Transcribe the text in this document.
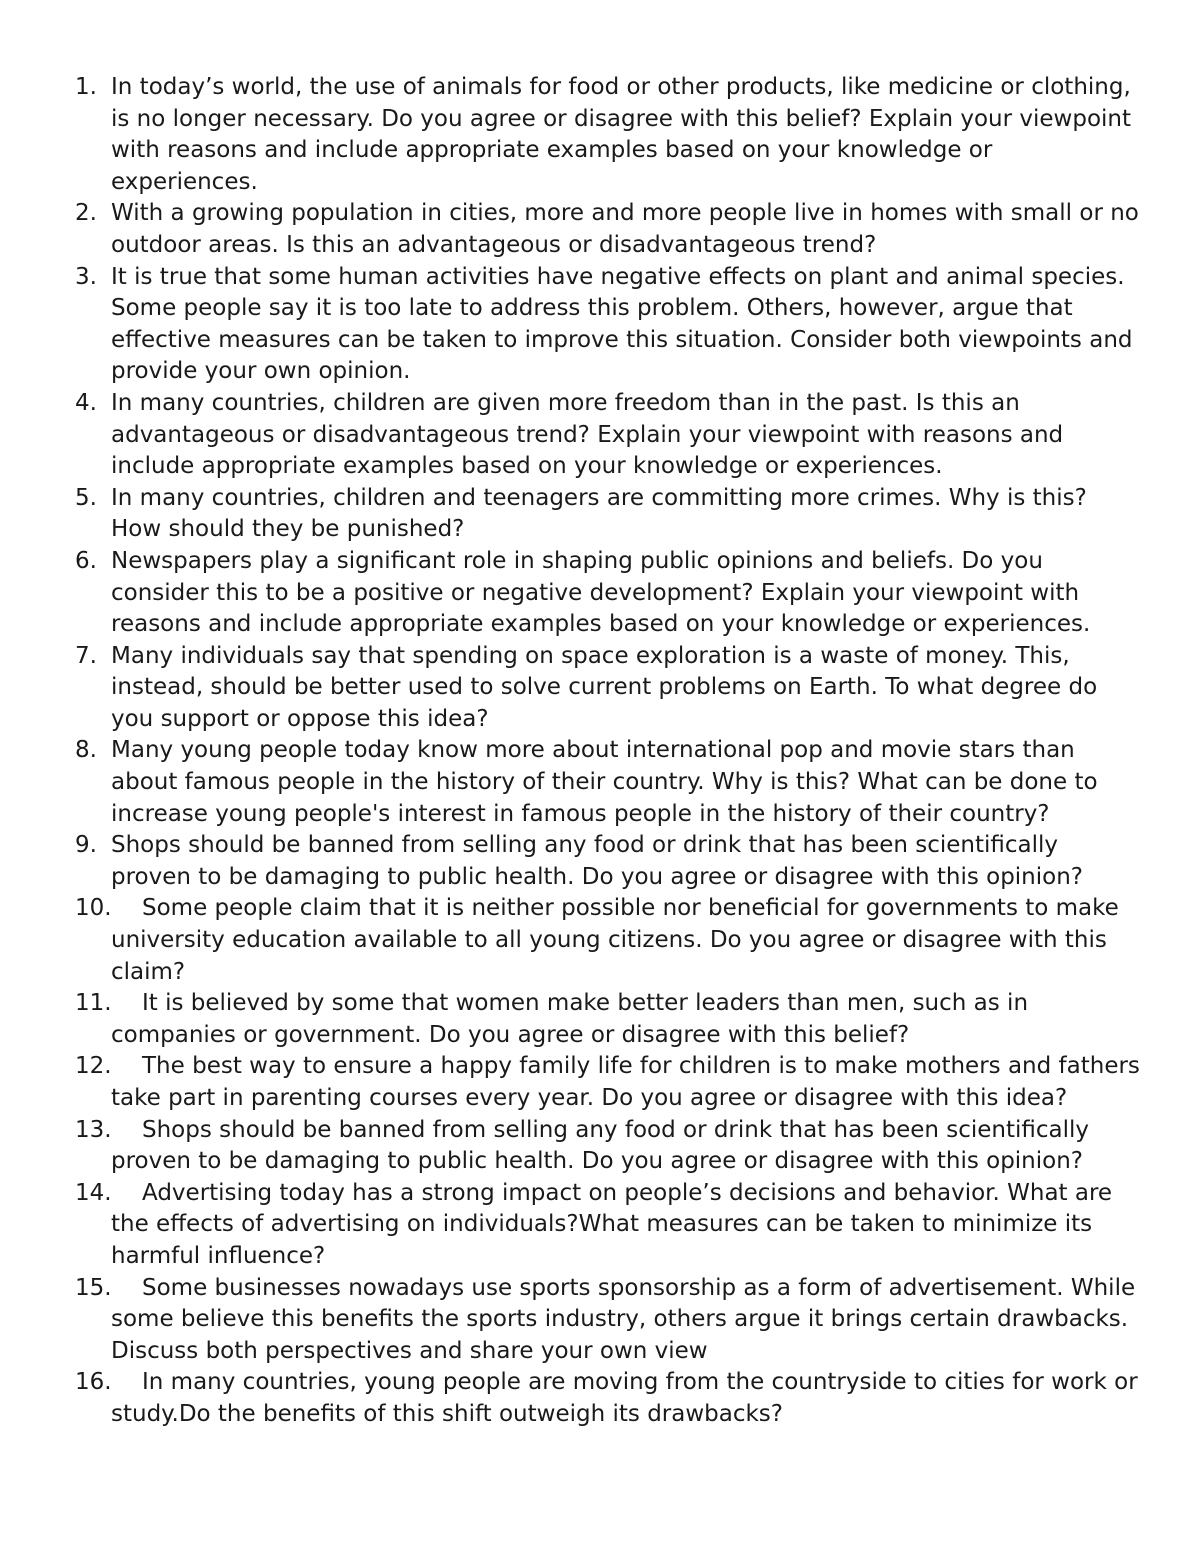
1. In today’s world, the use of animals for food or other products, like medicine or clothing, is no longer necessary. Do you agree or disagree with this belief? Explain your viewpoint with reasons and include appropriate examples based on your knowledge or experiences.
2. With a growing population in cities, more and more people live in homes with small or no outdoor areas. Is this an advantageous or disadvantageous trend?
3. It is true that some human activities have negative effects on plant and animal species. Some people say it is too late to address this problem. Others, however, argue that effective measures can be taken to improve this situation. Consider both viewpoints and provide your own opinion.
4. In many countries, children are given more freedom than in the past. Is this an advantageous or disadvantageous trend? Explain your viewpoint with reasons and include appropriate examples based on your knowledge or experiences.
5. In many countries, children and teenagers are committing more crimes. Why is this? How should they be punished?
6. Newspapers play a significant role in shaping public opinions and beliefs. Do you consider this to be a positive or negative development? Explain your viewpoint with reasons and include appropriate examples based on your knowledge or experiences.
7. Many individuals say that spending on space exploration is a waste of money. This, instead, should be better used to solve current problems on Earth. To what degree do you support or oppose this idea?
8. Many young people today know more about international pop and movie stars than about famous people in the history of their country. Why is this? What can be done to increase young people's interest in famous people in the history of their country?
9. Shops should be banned from selling any food or drink that has been scientifically proven to be damaging to public health. Do you agree or disagree with this opinion?
10.	Some people claim that it is neither possible nor beneficial for governments to make university education available to all young citizens. Do you agree or disagree with this claim?
11.	It is believed by some that women make better leaders than men, such as in companies or government. Do you agree or disagree with this belief?
12.	The best way to ensure a happy family life for children is to make mothers and fathers take part in parenting courses every year. Do you agree or disagree with this idea?
13.	Shops should be banned from selling any food or drink that has been scientifically proven to be damaging to public health. Do you agree or disagree with this opinion?
14.	Advertising today has a strong impact on people’s decisions and behavior. What are the effects of advertising on individuals?What measures can be taken to minimize its harmful influence?
15.	Some businesses nowadays use sports sponsorship as a form of advertisement. While some believe this benefits the sports industry, others argue it brings certain drawbacks. Discuss both perspectives and share your own view
16.	In many countries, young people are moving from the countryside to cities for work or study.Do the benefits of this shift outweigh its drawbacks?
